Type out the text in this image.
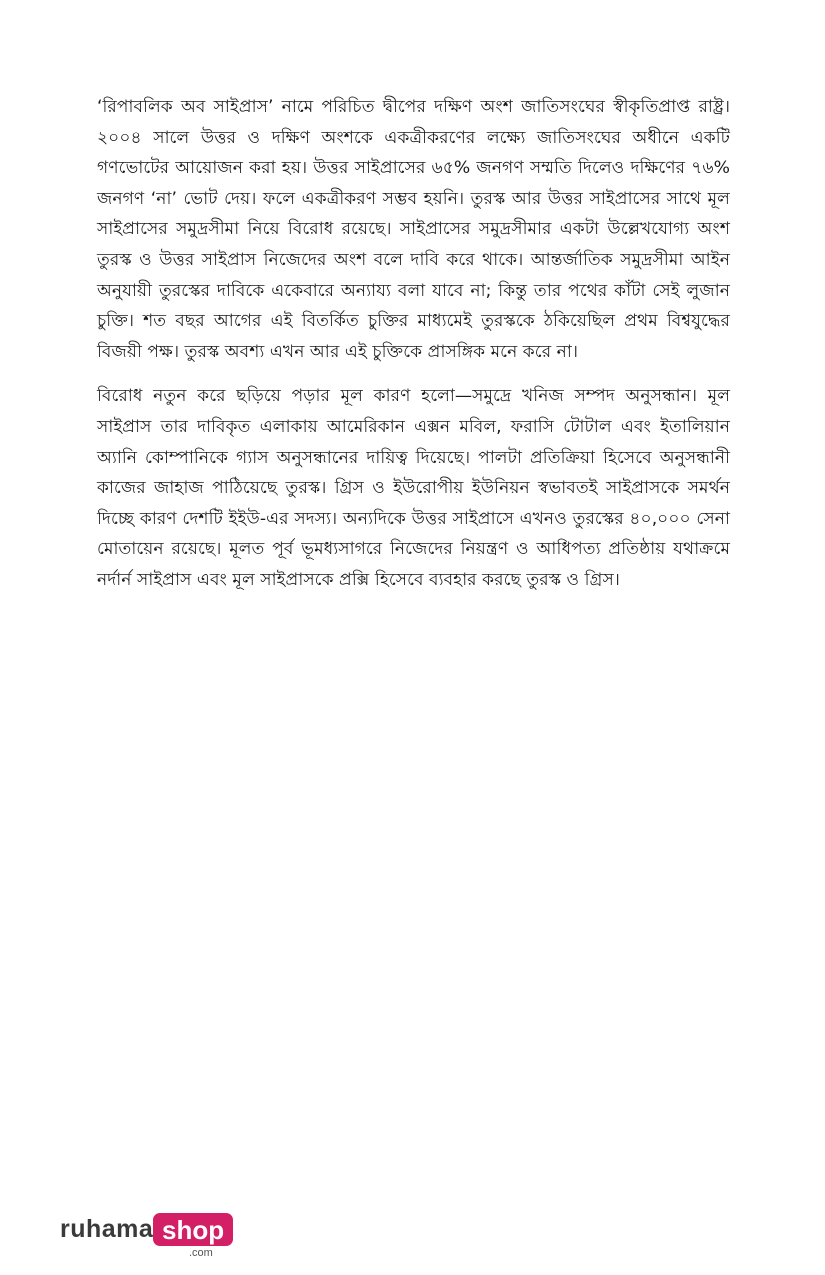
‘রিপাবলিক অব সাইপ্রাস’ নামে পরিচিত দ্বীপের দক্ষিণ অংশ জাতিসংঘের স্বীকৃতিপ্রাপ্ত রাষ্ট্র। ২০০৪ সালে উত্তর ও দক্ষিণ অংশকে একত্রীকরণের লক্ষ্যে জাতিসংঘের অধীনে একটি গণভোটের আয়োজন করা হয়। উত্তর সাইপ্রাসের ৬৫% জনগণ সম্মতি দিলেও দক্ষিণের ৭৬% জনগণ ‘না’ ভোট দেয়। ফলে একত্রীকরণ সম্ভব হয়নি। তুরস্ক আর উত্তর সাইপ্রাসের সাথে মূল সাইপ্রাসের সমুদ্রসীমা নিয়ে বিরোধ রয়েছে। সাইপ্রাসের সমুদ্রসীমার একটা উল্লেখযোগ্য অংশ তুরস্ক ও উত্তর সাইপ্রাস নিজেদের অংশ বলে দাবি করে থাকে। আন্তর্জাতিক সমুদ্রসীমা আইন অনুযায়ী তুরস্কের দাবিকে একেবারে অন্যায্য বলা যাবে না; কিন্তু তার পথের কাঁটা সেই লুজান চুক্তি। শত বছর আগের এই বিতর্কিত চুক্তির মাধ্যমেই তুরস্ককে ঠকিয়েছিল প্রথম বিশ্বযুদ্ধের বিজয়ী পক্ষ। তুরস্ক অবশ্য এখন আর এই চুক্তিকে প্রাসঙ্গিক মনে করে না।

বিরোধ নতুন করে ছড়িয়ে পড়ার মূল কারণ হলো—সমুদ্রে খনিজ সম্পদ অনুসন্ধান। মূল সাইপ্রাস তার দাবিকৃত এলাকায় আমেরিকান এক্সন মবিল, ফরাসি টোটাল এবং ইতালিয়ান অ্যানি কোম্পানিকে গ্যাস অনুসন্ধানের দায়িত্ব দিয়েছে। পালটা প্রতিক্রিয়া হিসেবে অনুসন্ধানী কাজের জাহাজ পাঠিয়েছে তুরস্ক। গ্রিস ও ইউরোপীয় ইউনিয়ন স্বভাবতই সাইপ্রাসকে সমর্থন দিচ্ছে কারণ দেশটি ইইউ-এর সদস্য। অন্যদিকে উত্তর সাইপ্রাসে এখনও তুরস্কের ৪০,০০০ সেনা মোতায়েন রয়েছে। মূলত পূর্ব ভূমধ্যসাগরে নিজেদের নিয়ন্ত্রণ ও আধিপত্য প্রতিষ্ঠায় যথাক্রমে নর্দার্ন সাইপ্রাস এবং মূল সাইপ্রাসকে প্রক্সি হিসেবে ব্যবহার করছে তুরস্ক ও গ্রিস।

ruhama shop
.com
